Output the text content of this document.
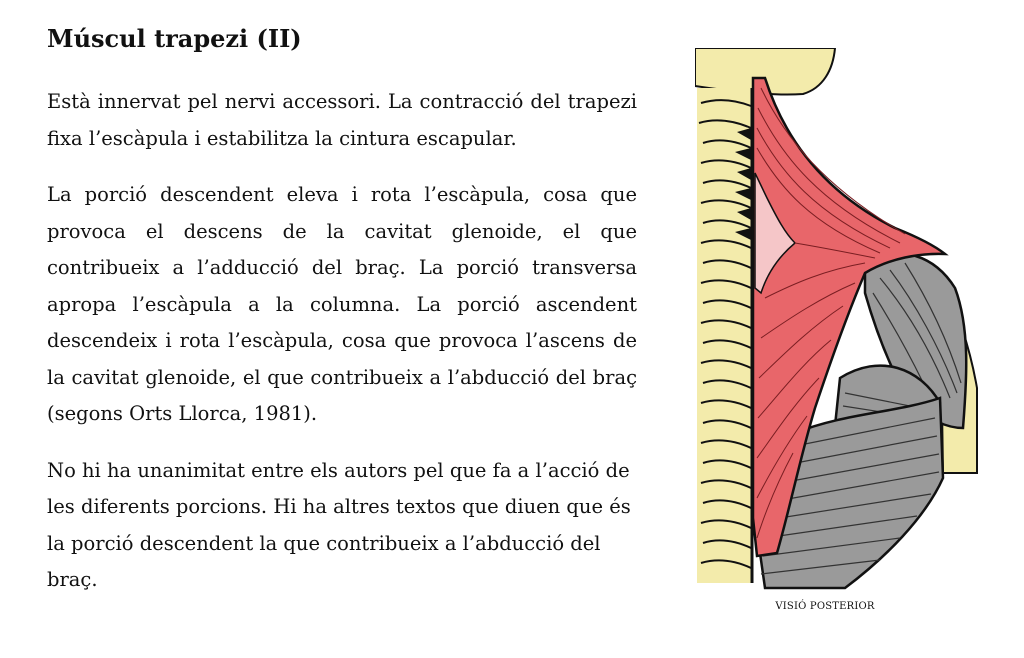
Múscul trapezi (II)

Està innervat pel nervi accessori. La contracció del trapezi fixa l’escàpula i estabilitza la cintura escapular.

La porció descendent eleva i rota l’escàpula, cosa que provoca el descens de la cavitat glenoide, el que contribueix a l’adducció del braç. La porció transversa apropa l’escàpula a la columna. La porció ascendent descendeix i rota l’escàpula, cosa que provoca l’ascens de la cavitat glenoide, el que contribueix a l’abducció del braç (segons Orts Llorca, 1981).

No hi ha unanimitat entre els autors pel que fa a l’acció de les diferents porcions. Hi ha altres textos que diuen que és la porció descendent la que contribueix a l’abducció del braç.

VISIÓ POSTERIOR
